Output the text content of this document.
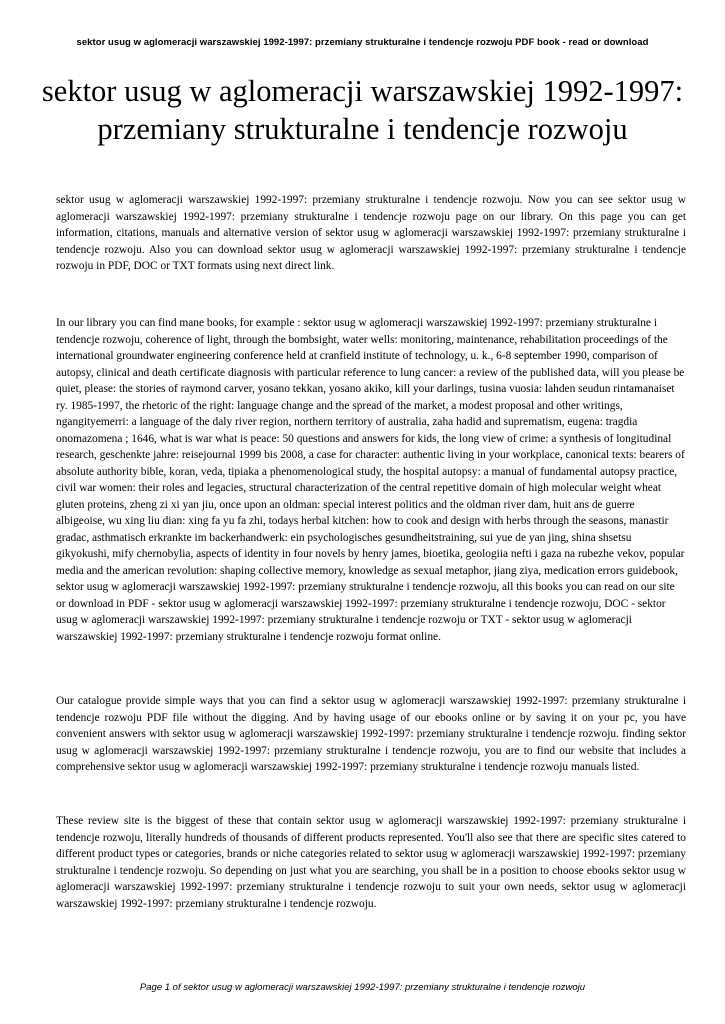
sektor usug w aglomeracji warszawskiej 1992-1997: przemiany strukturalne i tendencje rozwoju PDF book - read or download
sektor usug w aglomeracji warszawskiej 1992-1997:
przemiany strukturalne i tendencje rozwoju

sektor usug w aglomeracji warszawskiej 1992-1997: przemiany strukturalne i tendencje rozwoju. Now you can see sektor usug w aglomeracji warszawskiej 1992-1997: przemiany strukturalne i tendencje rozwoju page on our library. On this page you can get information, citations, manuals and alternative version of sektor usug w aglomeracji warszawskiej 1992-1997: przemiany strukturalne i tendencje rozwoju. Also you can download sektor usug w aglomeracji warszawskiej 1992-1997: przemiany strukturalne i tendencje rozwoju in PDF, DOC or TXT formats using next direct link.

In our library you can find mane books, for example : sektor usug w aglomeracji warszawskiej 1992-1997: przemiany strukturalne i tendencje rozwoju, coherence of light, through the bombsight, water wells: monitoring, maintenance, rehabilitation proceedings of the international groundwater engineering conference held at cranfield institute of technology, u. k., 6-8 september 1990, comparison of autopsy, clinical and death certificate diagnosis with particular reference to lung cancer: a review of the published data, will you please be quiet, please: the stories of raymond carver, yosano tekkan, yosano akiko, kill your darlings, tusina vuosia: lahden seudun rintamanaiset ry. 1985-1997, the rhetoric of the right: language change and the spread of the market, a modest proposal and other writings, ngangityemerri: a language of the daly river region, northern territory of australia, zaha hadid and suprematism, eugena: tragdia onomazomena ; 1646, what is war what is peace: 50 questions and answers for kids, the long view of crime: a synthesis of longitudinal research, geschenkte jahre: reisejournal 1999 bis 2008, a case for character: authentic living in your workplace, canonical texts: bearers of absolute authority bible, koran, veda, tipiaka a phenomenological study, the hospital autopsy: a manual of fundamental autopsy practice, civil war women: their roles and legacies, structural characterization of the central repetitive domain of high molecular weight wheat gluten proteins, zheng zi xi yan jiu, once upon an oldman: special interest politics and the oldman river dam, huit ans de guerre albigeoise, wu xing liu dian: xing fa yu fa zhi, todays herbal kitchen: how to cook and design with herbs through the seasons, manastir gradac, asthmatisch erkrankte im backerhandwerk: ein psychologisches gesundheitstraining, sui yue de yan jing, shina shsetsu gikyokushi, mify chernobylia, aspects of identity in four novels by henry james, bioetika, geologiia nefti i gaza na rubezhe vekov, popular media and the american revolution: shaping collective memory, knowledge as sexual metaphor, jiang ziya, medication errors guidebook, sektor usug w aglomeracji warszawskiej 1992-1997: przemiany strukturalne i tendencje rozwoju, all this books you can read on our site or download in PDF - sektor usug w aglomeracji warszawskiej 1992-1997: przemiany strukturalne i tendencje rozwoju, DOC - sektor usug w aglomeracji warszawskiej 1992-1997: przemiany strukturalne i tendencje rozwoju or TXT - sektor usug w aglomeracji warszawskiej 1992-1997: przemiany strukturalne i tendencje rozwoju format online.

Our catalogue provide simple ways that you can find a sektor usug w aglomeracji warszawskiej 1992-1997: przemiany strukturalne i tendencje rozwoju PDF file without the digging. And by having usage of our ebooks online or by saving it on your pc, you have convenient answers with sektor usug w aglomeracji warszawskiej 1992-1997: przemiany strukturalne i tendencje rozwoju. finding sektor usug w aglomeracji warszawskiej 1992-1997: przemiany strukturalne i tendencje rozwoju, you are to find our website that includes a comprehensive sektor usug w aglomeracji warszawskiej 1992-1997: przemiany strukturalne i tendencje rozwoju manuals listed.

These review site is the biggest of these that contain sektor usug w aglomeracji warszawskiej 1992-1997: przemiany strukturalne i tendencje rozwoju, literally hundreds of thousands of different products represented. You'll also see that there are specific sites catered to different product types or categories, brands or niche categories related to sektor usug w aglomeracji warszawskiej 1992-1997: przemiany strukturalne i tendencje rozwoju. So depending on just what you are searching, you shall be in a position to choose ebooks sektor usug w aglomeracji warszawskiej 1992-1997: przemiany strukturalne i tendencje rozwoju to suit your own needs, sektor usug w aglomeracji warszawskiej 1992-1997: przemiany strukturalne i tendencje rozwoju.

Page 1 of sektor usug w aglomeracji warszawskiej 1992-1997: przemiany strukturalne i tendencje rozwoju
